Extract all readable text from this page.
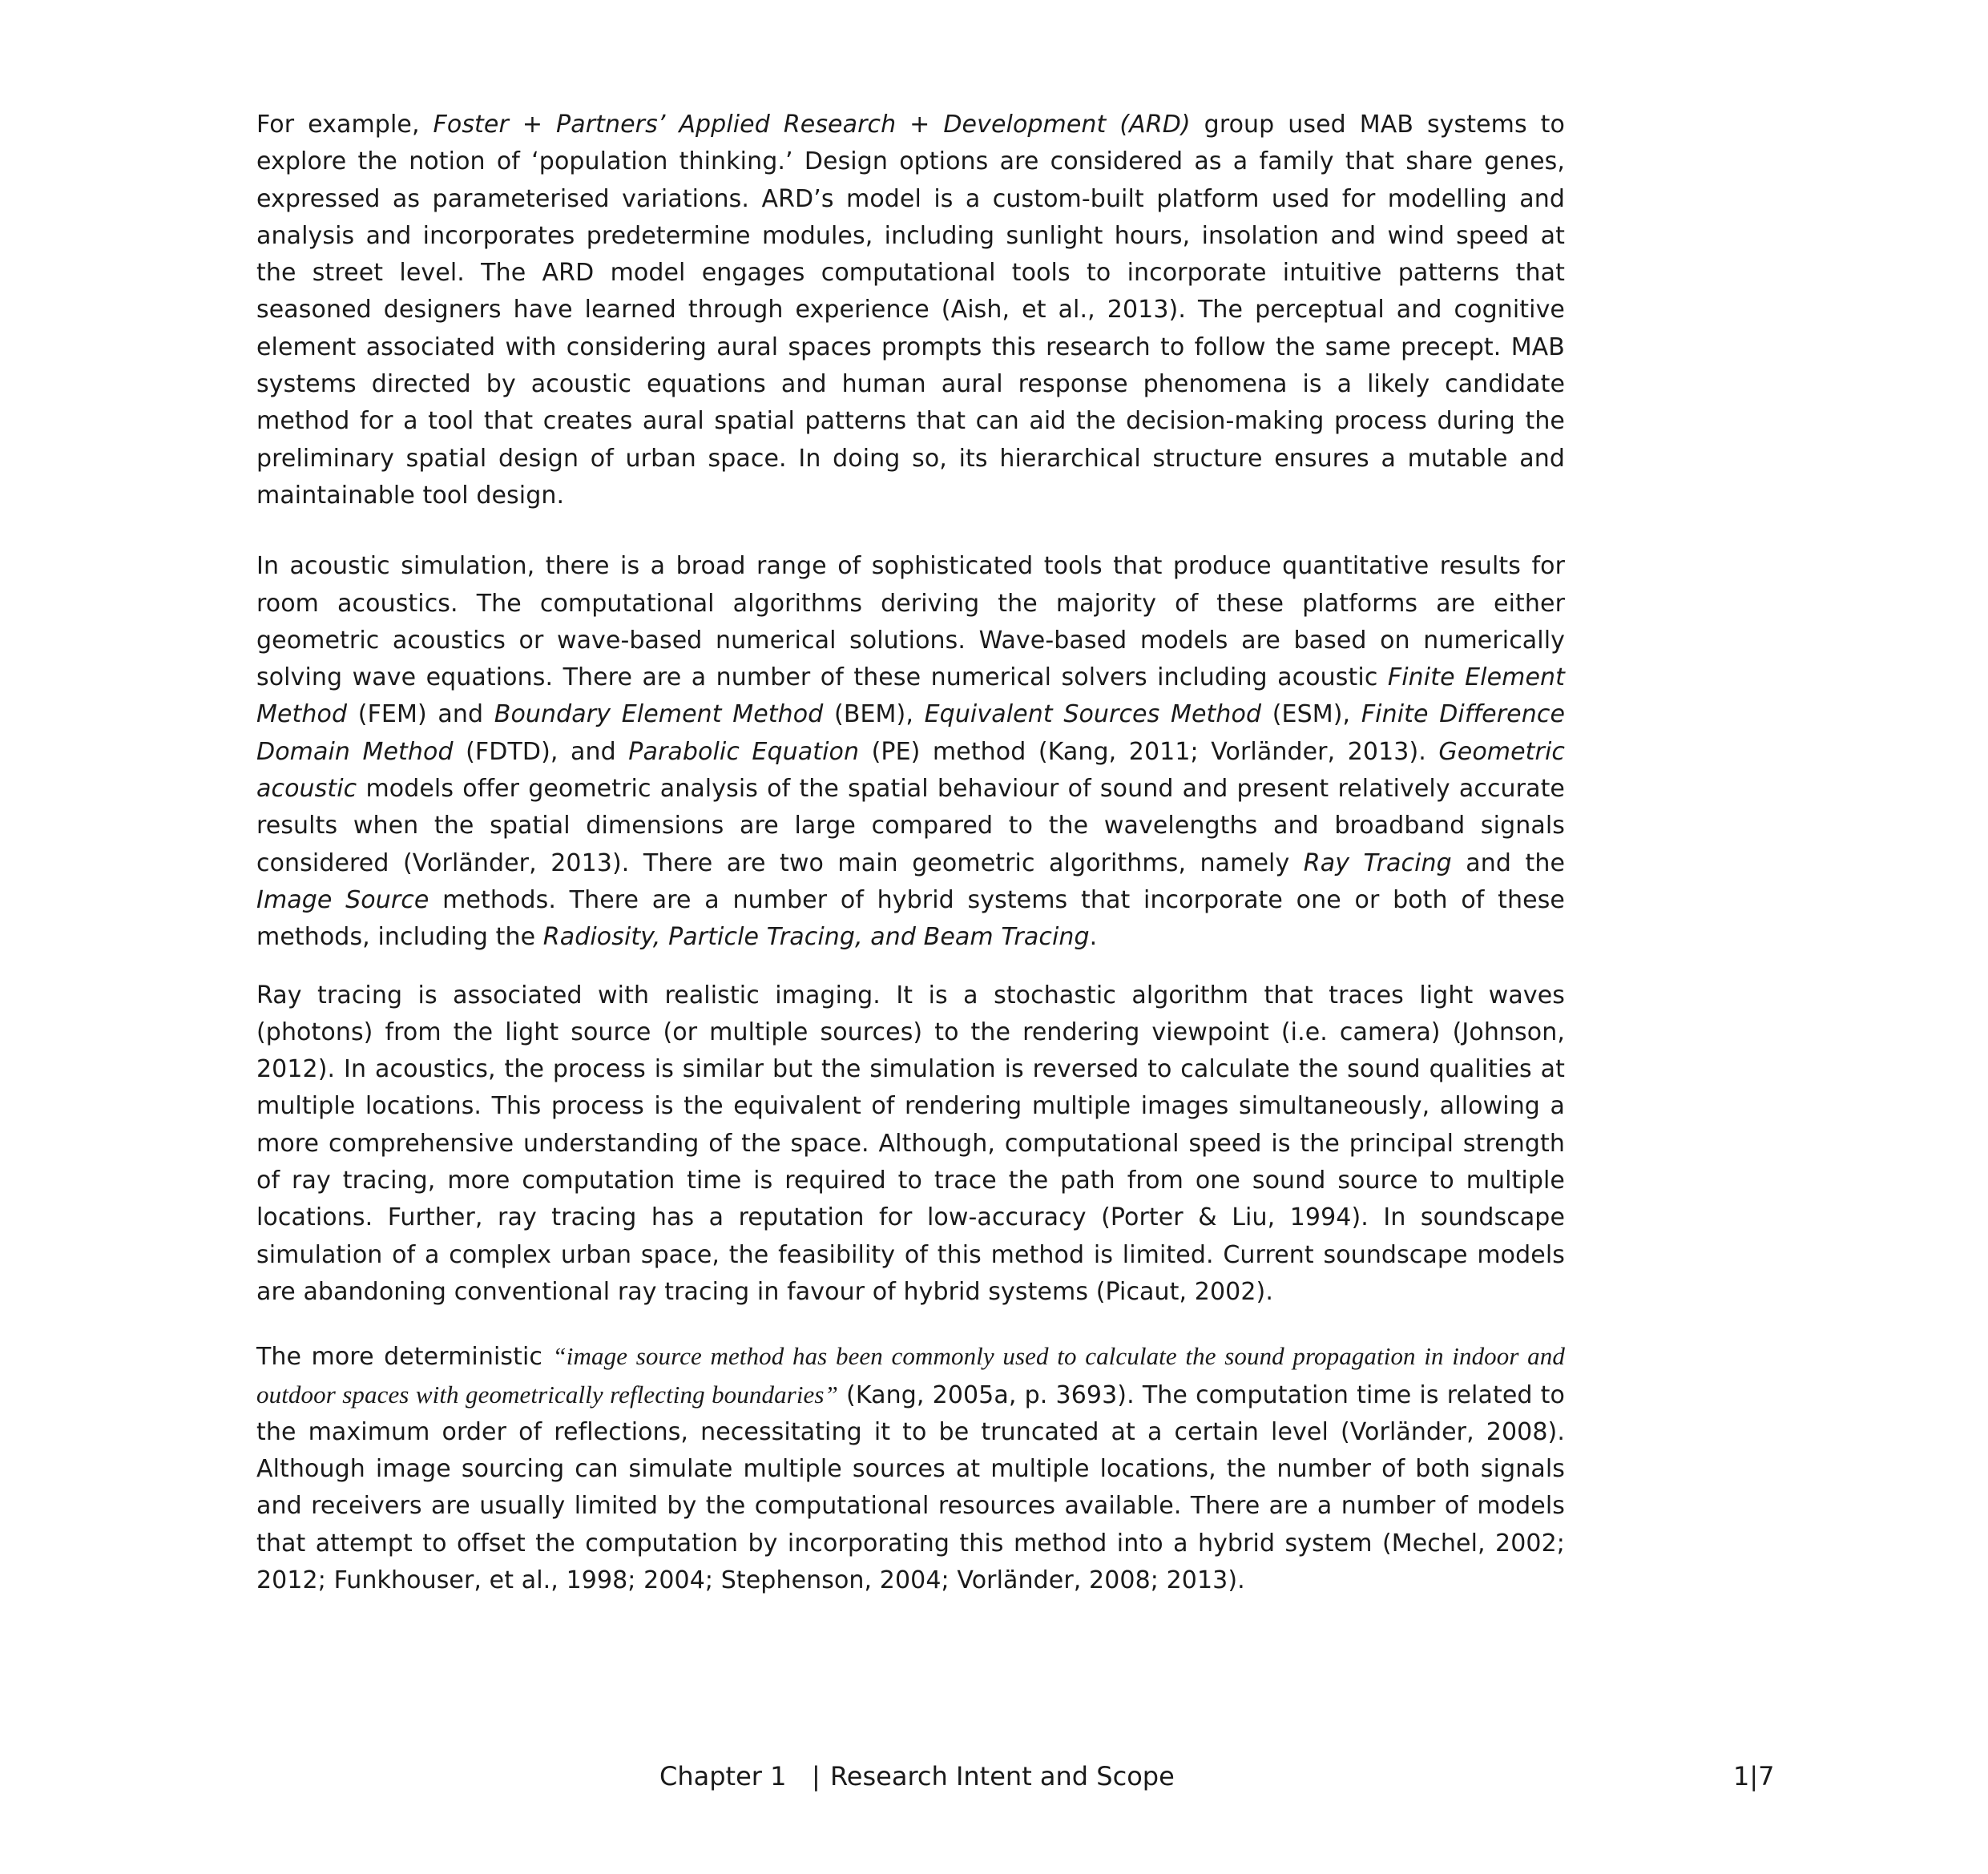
For example, Foster + Partners’ Applied Research + Development (ARD) group used MAB systems to explore the notion of ‘population thinking.’ Design options are considered as a family that share genes, expressed as parameterised variations. ARD’s model is a custom-built platform used for modelling and analysis and incorporates predetermine modules, including sunlight hours, insolation and wind speed at the street level. The ARD model engages computational tools to incorporate intuitive patterns that seasoned designers have learned through experience (Aish, et al., 2013). The perceptual and cognitive element associated with considering aural spaces prompts this research to follow the same precept. MAB systems directed by acoustic equations and human aural response phenomena is a likely candidate method for a tool that creates aural spatial patterns that can aid the decision-making process during the preliminary spatial design of urban space. In doing so, its hierarchical structure ensures a mutable and maintainable tool design.

In acoustic simulation, there is a broad range of sophisticated tools that produce quantitative results for room acoustics. The computational algorithms deriving the majority of these platforms are either geometric acoustics or wave-based numerical solutions. Wave-based models are based on numerically solving wave equations. There are a number of these numerical solvers including acoustic Finite Element Method (FEM) and Boundary Element Method (BEM), Equivalent Sources Method (ESM), Finite Difference Domain Method (FDTD), and Parabolic Equation (PE) method (Kang, 2011; Vorländer, 2013). Geometric acoustic models offer geometric analysis of the spatial behaviour of sound and present relatively accurate results when the spatial dimensions are large compared to the wavelengths and broadband signals considered (Vorländer, 2013). There are two main geometric algorithms, namely Ray Tracing and the Image Source methods. There are a number of hybrid systems that incorporate one or both of these methods, including the Radiosity, Particle Tracing, and Beam Tracing.

Ray tracing is associated with realistic imaging. It is a stochastic algorithm that traces light waves (photons) from the light source (or multiple sources) to the rendering viewpoint (i.e. camera) (Johnson, 2012). In acoustics, the process is similar but the simulation is reversed to calculate the sound qualities at multiple locations. This process is the equivalent of rendering multiple images simultaneously, allowing a more comprehensive understanding of the space. Although, computational speed is the principal strength of ray tracing, more computation time is required to trace the path from one sound source to multiple locations. Further, ray tracing has a reputation for low-accuracy (Porter & Liu, 1994). In soundscape simulation of a complex urban space, the feasibility of this method is limited. Current soundscape models are abandoning conventional ray tracing in favour of hybrid systems (Picaut, 2002).

The more deterministic “image source method has been commonly used to calculate the sound propagation in indoor and outdoor spaces with geometrically reflecting boundaries” (Kang, 2005a, p. 3693). The computation time is related to the maximum order of reflections, necessitating it to be truncated at a certain level (Vorländer, 2008). Although image sourcing can simulate multiple sources at multiple locations, the number of both signals and receivers are usually limited by the computational resources available. There are a number of models that attempt to offset the computation by incorporating this method into a hybrid system (Mechel, 2002; 2012; Funkhouser, et al., 1998; 2004; Stephenson, 2004; Vorländer, 2008; 2013).

Chapter 1 | Research Intent and Scope	1|7
